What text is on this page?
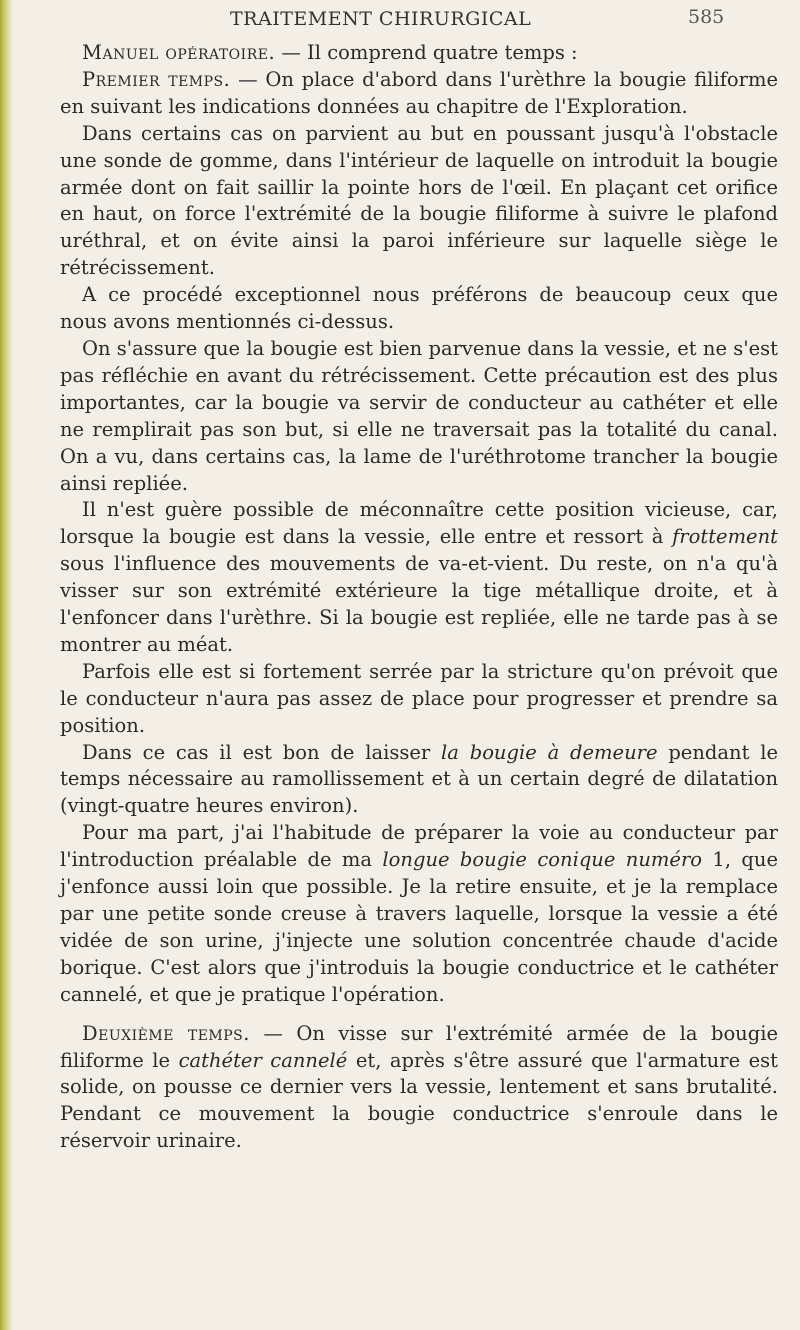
TRAITEMENT CHIRURGICAL	585

Manuel opératoire. — Il comprend quatre temps :

Premier temps. — On place d'abord dans l'urèthre la bougie filiforme en suivant les indications données au chapitre de l'Exploration.

Dans certains cas on parvient au but en poussant jusqu'à l'obstacle une sonde de gomme, dans l'intérieur de laquelle on introduit la bougie armée dont on fait saillir la pointe hors de l'œil. En plaçant cet orifice en haut, on force l'extrémité de la bougie filiforme à suivre le plafond uréthral, et on évite ainsi la paroi inférieure sur laquelle siège le rétrécissement.

A ce procédé exceptionnel nous préférons de beaucoup ceux que nous avons mentionnés ci-dessus.

On s'assure que la bougie est bien parvenue dans la vessie, et ne s'est pas réfléchie en avant du rétrécissement. Cette précaution est des plus importantes, car la bougie va servir de conducteur au cathéter et elle ne remplirait pas son but, si elle ne traversait pas la totalité du canal. On a vu, dans certains cas, la lame de l'uréthrotome trancher la bougie ainsi repliée.

Il n'est guère possible de méconnaître cette position vicieuse, car, lorsque la bougie est dans la vessie, elle entre et ressort à frottement sous l'influence des mouvements de va-et-vient. Du reste, on n'a qu'à visser sur son extrémité extérieure la tige métallique droite, et à l'enfoncer dans l'urèthre. Si la bougie est repliée, elle ne tarde pas à se montrer au méat.

Parfois elle est si fortement serrée par la stricture qu'on prévoit que le conducteur n'aura pas assez de place pour progresser et prendre sa position.

Dans ce cas il est bon de laisser la bougie à demeure pendant le temps nécessaire au ramollissement et à un certain degré de dilatation (vingt-quatre heures environ).

Pour ma part, j'ai l'habitude de préparer la voie au conducteur par l'introduction préalable de ma longue bougie conique numéro 1, que j'enfonce aussi loin que possible. Je la retire ensuite, et je la remplace par une petite sonde creuse à travers laquelle, lorsque la vessie a été vidée de son urine, j'injecte une solution concentrée chaude d'acide borique. C'est alors que j'introduis la bougie conductrice et le cathéter cannelé, et que je pratique l'opération.

Deuxième temps. — On visse sur l'extrémité armée de la bougie filiforme le cathéter cannelé et, après s'être assuré que l'armature est solide, on pousse ce dernier vers la vessie, lentement et sans brutalité. Pendant ce mouvement la bougie conductrice s'enroule dans le réservoir urinaire.
